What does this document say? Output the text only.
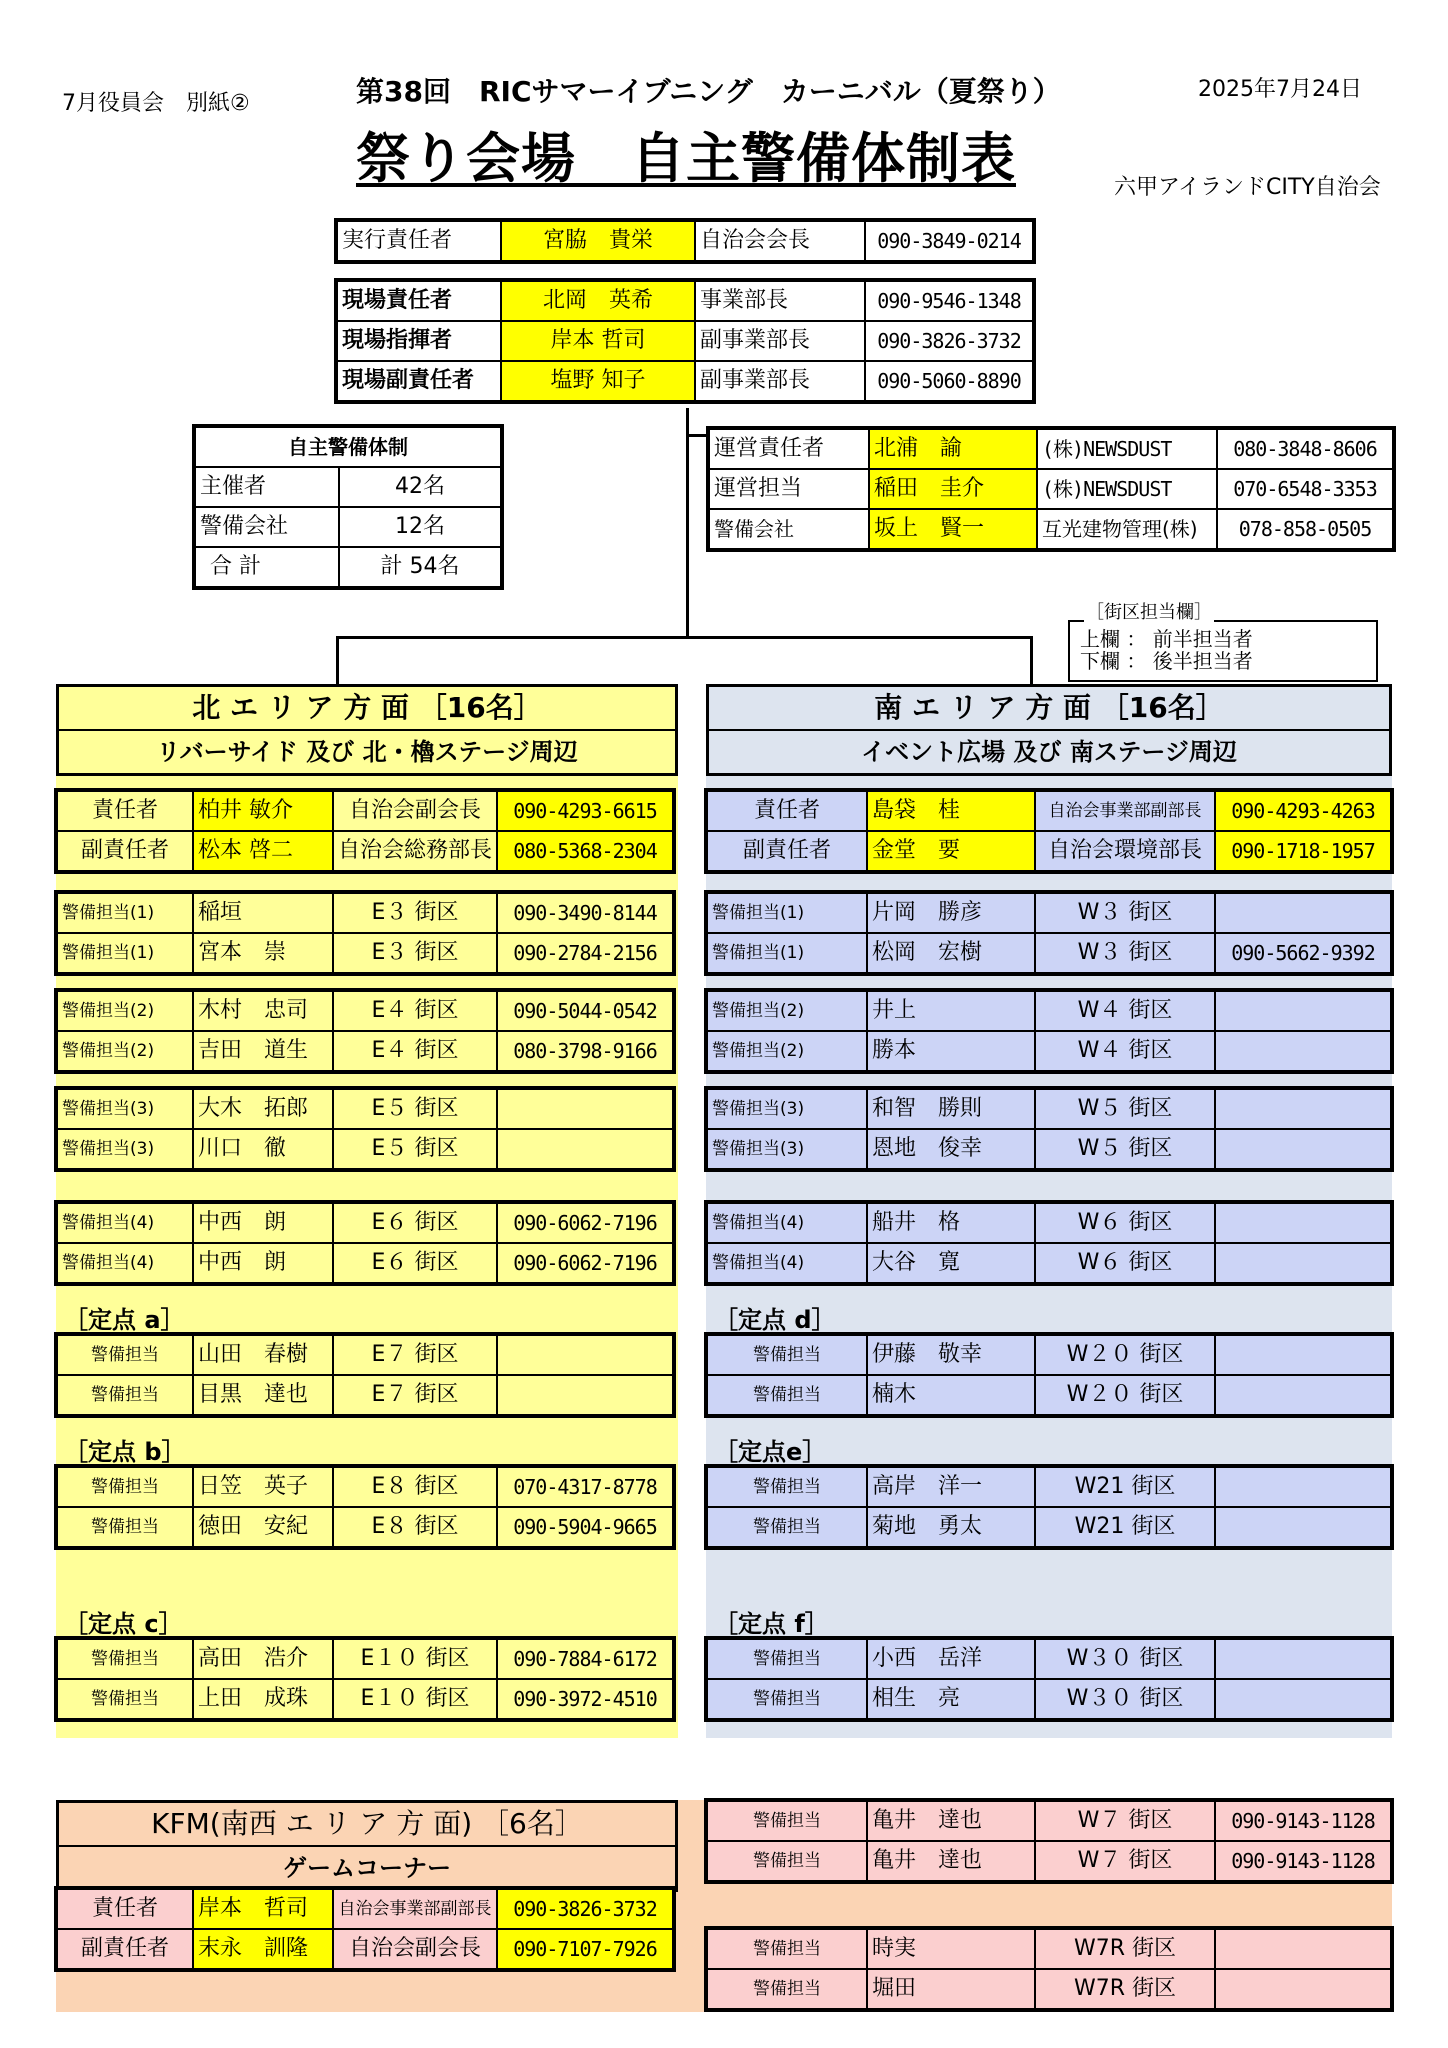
7月役員会　別紙②	第38回　RICサマーイブニング　カーニバル（夏祭り）	2025年7月24日
祭り会場　自主警備体制表	六甲アイランドCITY自治会
実行責任者	宮脇　貴栄	自治会会長	090-3849-0214
現場責任者	北岡　英希	事業部長	090-9546-1348
現場指揮者	岸本 哲司	副事業部長	090-3826-3732
現場副責任者	塩野 知子	副事業部長	090-5060-8890
自主警備体制	
主催者	42名
警備会社	12名
合 計	計 54名
運営責任者	北浦　諭	(株)NEWSDUST	080-3848-8606
運営担当	稲田　圭介	(株)NEWSDUST	070-6548-3353
警備会社	坂上　賢一	互光建物管理(株)	078-858-0505
上欄 ： 前半担当者
下欄 ： 後半担当者
［街区担当欄］
北 エ リ ア 方 面 ［16名］
リバーサイド 及び 北・櫓ステージ周辺
南 エ リ ア 方 面 ［16名］
イベント広場 及び 南ステージ周辺
責任者	柏井 敏介	自治会副会長	090-4293-6615
副責任者	松本 啓二	自治会総務部長	080-5368-2304
警備担当(1)	稲垣	E３ 街区	090-3490-8144
警備担当(1)	宮本　崇	E３ 街区	090-2784-2156
警備担当(2)	木村　忠司	E４ 街区	090-5044-0542
警備担当(2)	吉田　道生	E４ 街区	080-3798-9166
警備担当(3)	大木　拓郎	E５ 街区	
警備担当(3)	川口　徹	E５ 街区	
警備担当(4)	中西　朗	E６ 街区	090-6062-7196
警備担当(4)	中西　朗	E６ 街区	090-6062-7196
［定点 a］
警備担当	山田　春樹	E７ 街区	
警備担当	目黒　達也	E７ 街区	
［定点 b］
警備担当	日笠　英子	E８ 街区	070-4317-8778
警備担当	徳田　安紀	E８ 街区	090-5904-9665
［定点 c］
警備担当	高田　浩介	E１０ 街区	090-7884-6172
警備担当	上田　成珠	E１０ 街区	090-3972-4510
責任者	島袋　桂	自治会事業部副部長	090-4293-4263
副責任者	金堂　要	自治会環境部長	090-1718-1957
警備担当(1)	片岡　勝彦	W３ 街区	
警備担当(1)	松岡　宏樹	W３ 街区	090-5662-9392
警備担当(2)	井上	W４ 街区	
警備担当(2)	勝本	W４ 街区	
警備担当(3)	和智　勝則	W５ 街区	
警備担当(3)	恩地　俊幸	W５ 街区	
警備担当(4)	船井　格	W６ 街区	
警備担当(4)	大谷　寛	W６ 街区	
［定点 d］
警備担当	伊藤　敬幸	W２０ 街区	
警備担当	楠木	W２０ 街区	
［定点e］
警備担当	高岸　洋一	W21 街区	
警備担当	菊地　勇太	W21 街区	
［定点 f］
警備担当	小西　岳洋	W３０ 街区	
警備担当	相生　亮	W３０ 街区	
KFM(南西 エ リ ア 方 面) ［6名］
ゲームコーナー
責任者	岸本　哲司	自治会事業部副部長	090-3826-3732
副責任者	末永　訓隆	自治会副会長	090-7107-7926
警備担当	亀井　達也	W７ 街区	090-9143-1128
警備担当	亀井　達也	W７ 街区	090-9143-1128
警備担当	時実	W7R 街区	
警備担当	堀田	W7R 街区	
